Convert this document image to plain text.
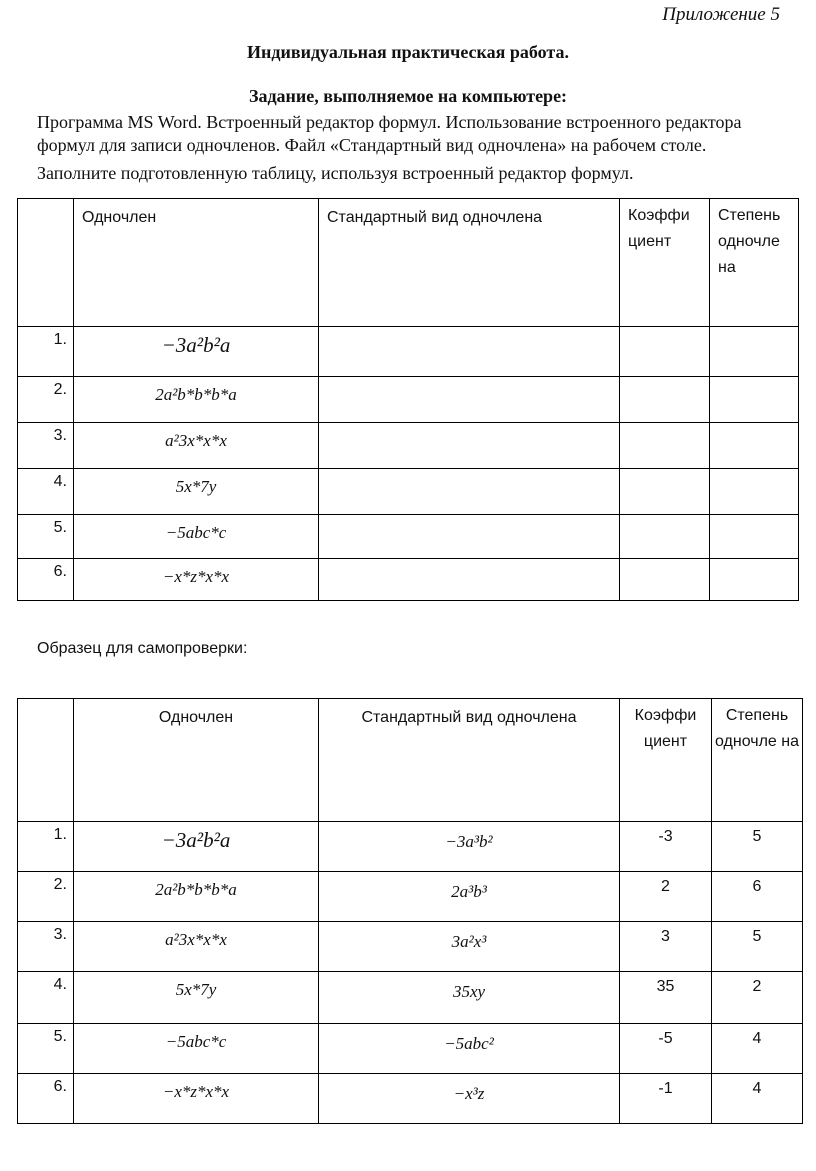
Приложение 5
Индивидуальная практическая работа.
Задание, выполняемое на компьютере:
Программа MS Word. Встроенный редактор формул. Использование встроенного редактора формул для записи одночленов. Файл «Стандартный вид одночлена» на рабочем столе.
Заполните подготовленную таблицу, используя встроенный редактор формул.
	Одночлен	Стандартный вид одночлена	Коэффи циент	Степень одночле на
1.	−3a²b²a			
2.	2a²b*b*b*a			
3.	a²3x*x*x			
4.	5x*7y			
5.	−5abc*c			
6.	−x*z*x*x			
Образец для самопроверки:
	Одночлен	Стандартный вид одночлена	Коэффи циент	Степень одночле на
1.	−3a²b²a	−3a³b²	-3	5
2.	2a²b*b*b*a	2a³b³	2	6
3.	a²3x*x*x	3a²x³	3	5
4.	5x*7y	35xy	35	2
5.	−5abc*c	−5abc²	-5	4
6.	−x*z*x*x	−x³z	-1	4
